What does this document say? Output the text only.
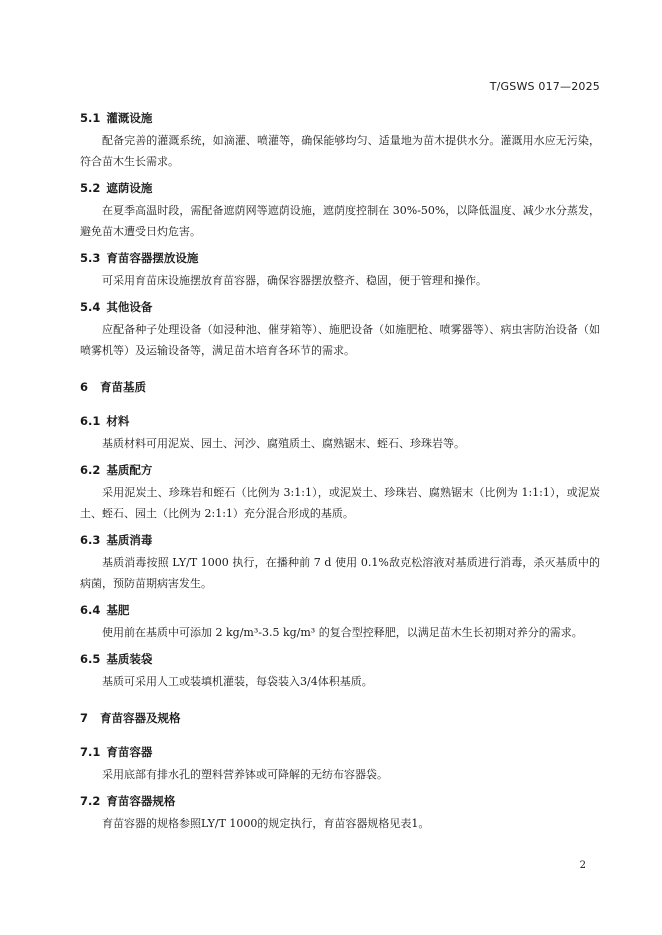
T/GSWS 017—2025
5.1 灌溉设施

配备完善的灌溉系统，如滴灌、喷灌等，确保能够均匀、适量地为苗木提供水分。灌溉用水应无污染，符合苗木生长需求。

5.2 遮荫设施

在夏季高温时段，需配备遮荫网等遮荫设施，遮荫度控制在 30%-50%，以降低温度、减少水分蒸发，避免苗木遭受日灼危害。

5.3 育苗容器摆放设施

可采用育苗床设施摆放育苗容器，确保容器摆放整齐、稳固，便于管理和操作。

5.4 其他设备

应配备种子处理设备（如浸种池、催芽箱等）、施肥设备（如施肥枪、喷雾器等）、病虫害防治设备（如喷雾机等）及运输设备等，满足苗木培育各环节的需求。

6 育苗基质
6.1 材料

基质材料可用泥炭、园土、河沙、腐殖质土、腐熟锯末、蛭石、珍珠岩等。

6.2 基质配方

采用泥炭土、珍珠岩和蛭石（比例为 3:1:1），或泥炭土、珍珠岩、腐熟锯末（比例为 1:1:1），或泥炭土、蛭石、园土（比例为 2:1:1）充分混合形成的基质。

6.3 基质消毒

基质消毒按照 LY/T 1000 执行，在播种前 7 d 使用 0.1%敌克松溶液对基质进行消毒，杀灭基质中的病菌，预防苗期病害发生。

6.4 基肥

使用前在基质中可添加 2 kg/m³-3.5 kg/m³ 的复合型控释肥，以满足苗木生长初期对养分的需求。

6.5 基质装袋

基质可采用人工或装填机灌装，每袋装入3/4体积基质。

7 育苗容器及规格
7.1 育苗容器

采用底部有排水孔的塑料营养钵或可降解的无纺布容器袋。

7.2 育苗容器规格

育苗容器的规格参照LY/T 1000的规定执行，育苗容器规格见表1。

2
